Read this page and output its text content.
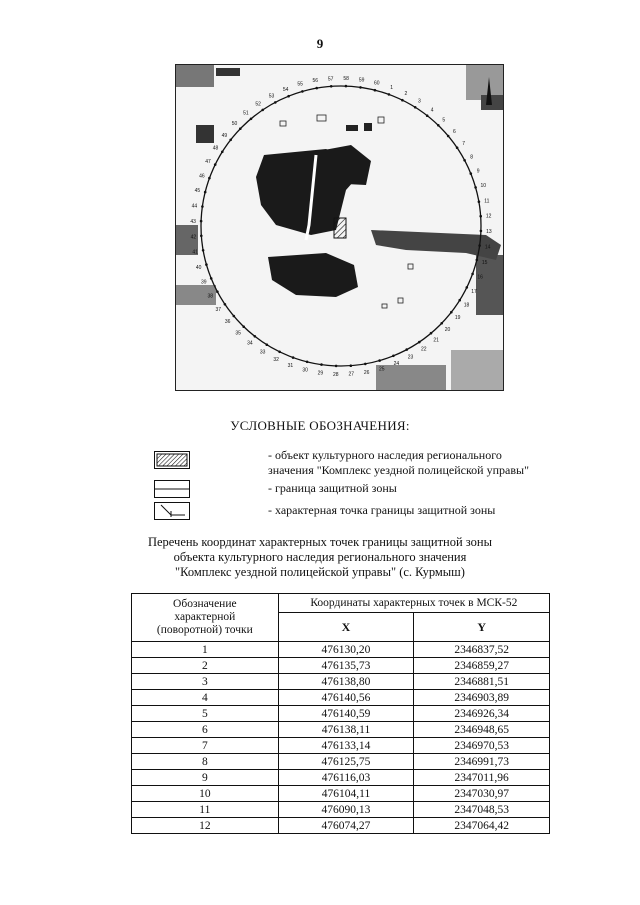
9
1
2
3
4
5
6
7
8
9
10
11
12
13
14
15
16
17
18
19
20
21
22
23
24
25
26
27
28
29
30
31
32
33
34
35
36
37
38
39
40
41
42
43
44
45
46
47
48
49
50
51
52
53
54
55
56 57 58 59 60
УСЛОВНЫЕ ОБОЗНАЧЕНИЯ:
- объект культурного наследия регионального
значения "Комплекс уездной полицейской управы"
- граница защитной зоны
- характерная точка границы защитной зоны
Перечень координат характерных точек границы защитной зоны
объекта культурного наследия регионального значения
"Комплекс уездной полицейской управы" (с. Курмыш)
Обозначение
характерной
(поворотной) точки	Координаты характерных точек в МСК-52	
	X	Y
1	476130,20	2346837,52
2	476135,73	2346859,27
3	476138,80	2346881,51
4	476140,56	2346903,89
5	476140,59	2346926,34
6	476138,11	2346948,65
7	476133,14	2346970,53
8	476125,75	2346991,73
9	476116,03	2347011,96
10	476104,11	2347030,97
11	476090,13	2347048,53
12	476074,27	2347064,42
